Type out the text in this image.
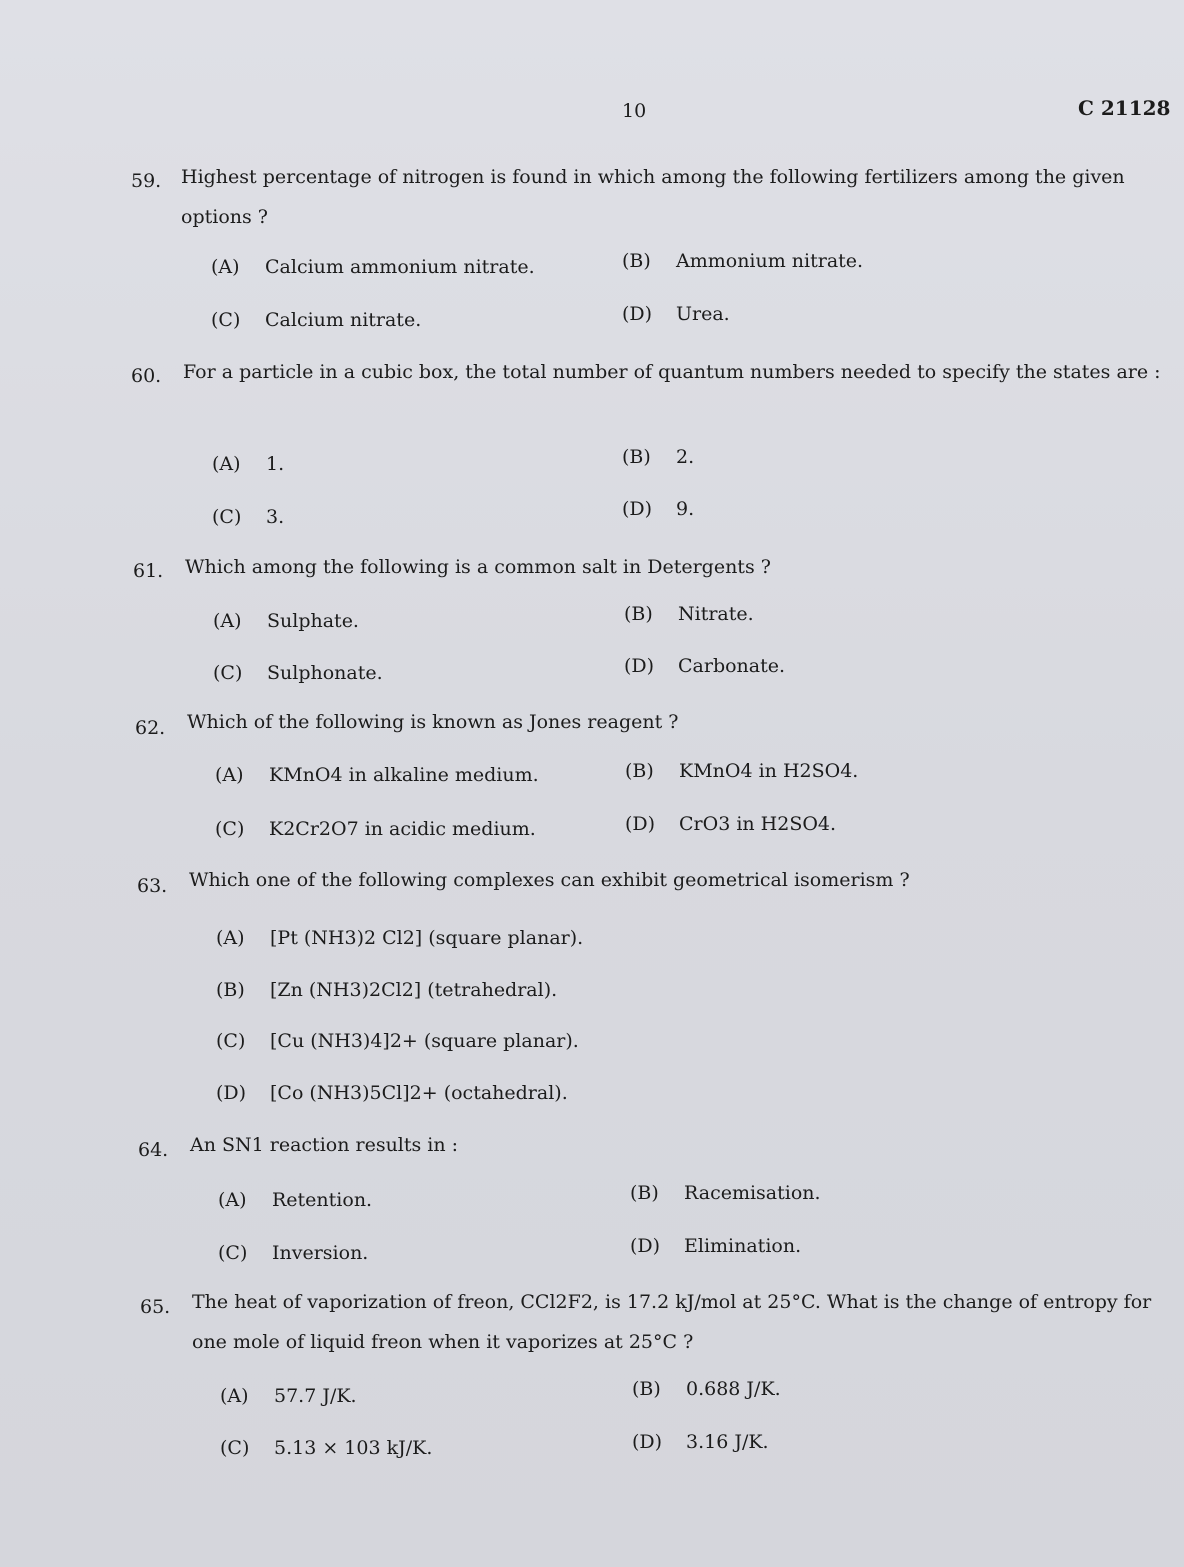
10	C 21128
59. Highest percentage of nitrogen is found in which among the following fertilizers among the given options ?
(A) Calcium ammonium nitrate.	(B) Ammonium nitrate.
(C) Calcium nitrate.	(D) Urea.
60. For a particle in a cubic box, the total number of quantum numbers needed to specify the states are :
(A) 1.	(B) 2.
(C) 3.	(D) 9.
61. Which among the following is a common salt in Detergents ?
(A) Sulphate.	(B) Nitrate.
(C) Sulphonate.	(D) Carbonate.
62. Which of the following is known as Jones reagent ?
(A) KMnO4 in alkaline medium.	(B) KMnO4 in H2SO4.
(C) K2Cr2O7 in acidic medium.	(D) CrO3 in H2SO4.
63. Which one of the following complexes can exhibit geometrical isomerism ?
(A) [Pt (NH3)2 Cl2] (square planar).
(B) [Zn (NH3)2Cl2] (tetrahedral).
(C) [Cu (NH3)4]2+ (square planar).
(D) [Co (NH3)5Cl]2+ (octahedral).
64. An SN1 reaction results in :
(A) Retention.	(B) Racemisation.
(C) Inversion.	(D) Elimination.
65. The heat of vaporization of freon, CCl2F2, is 17.2 kJ/mol at 25°C. What is the change of entropy for one mole of liquid freon when it vaporizes at 25°C ?
(A) 57.7 J/K.	(B) 0.688 J/K.
(C) 5.13 × 103 kJ/K.	(D) 3.16 J/K.
